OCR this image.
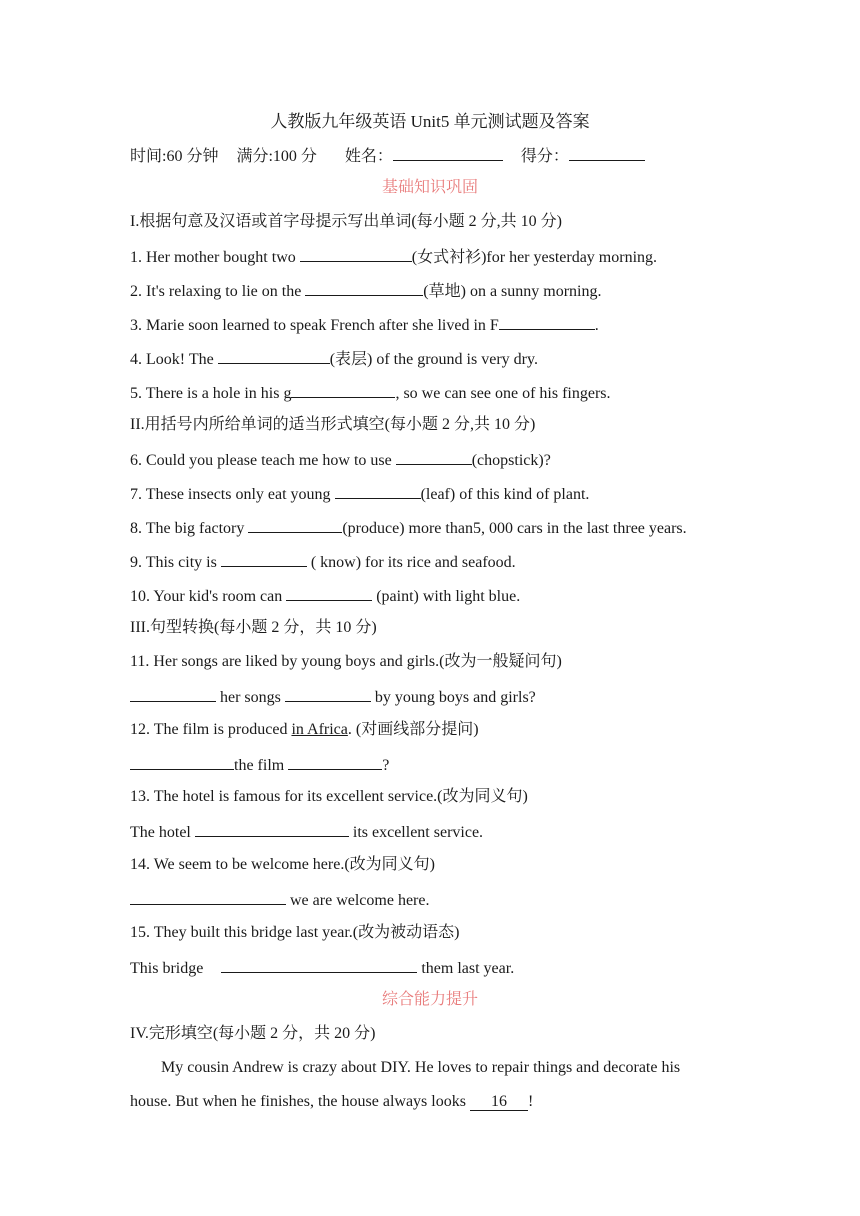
人教版九年级英语 Unit5 单元测试题及答案
时间:60 分钟 满分:100 分 姓名：	得分：
基础知识巩固
I.根据句意及汉语或首字母提示写出单词(每小题 2 分,共 10 分)
1. Her mother bought two	(女式衬衫)for her yesterday morning.
2. It's relaxing to lie on the	(草地) on a sunny morning.
3. Marie soon learned to speak French after she lived in F	.
4. Look! The	(表层) of the ground is very dry.
5. There is a hole in his g	, so we can see one of his fingers.
II.用括号内所给单词的适当形式填空(每小题 2 分,共 10 分)
6. Could you please teach me how to use	(chopstick)?
7. These insects only eat young	(leaf) of this kind of plant.
8. The big factory	(produce) more than5, 000 cars in the last three years.
9. This city is	( know) for its rice and seafood.
10. Your kid's room can	(paint) with light blue.
III.句型转换(每小题 2 分，共 10 分)
11. Her songs are liked by young boys and girls.(改为一般疑问句)
her songs	by young boys and girls?
12. The film is produced in Africa. (对画线部分提问)
the film	?
13. The hotel is famous for its excellent service.(改为同义句)
The hotel	its excellent service.
14. We seem to be welcome here.(改为同义句)
we are welcome here.
15. They built this bridge last year.(改为被动语态)
This bridge	them last year.
综合能力提升
IV.完形填空(每小题 2 分，共 20 分)
My cousin Andrew is crazy about DIY. He loves to repair things and decorate his
house. But when he finishes, the house always looks 16 !
